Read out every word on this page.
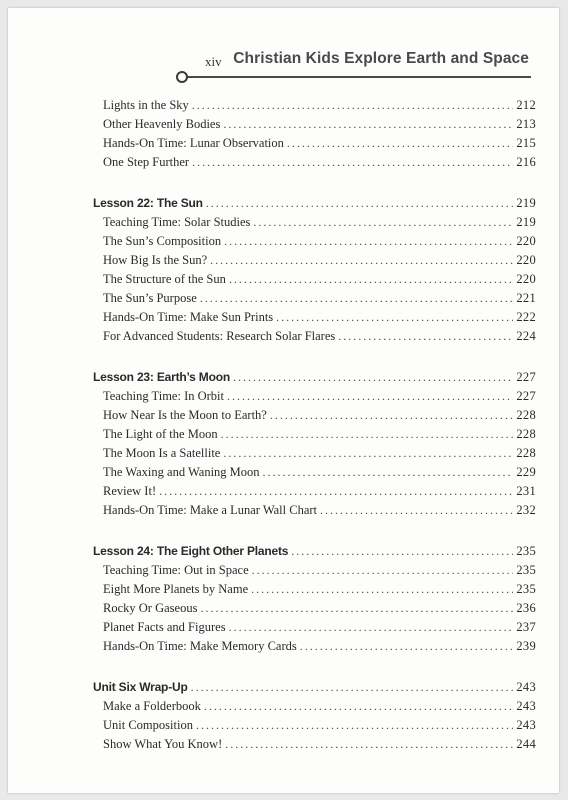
xiv Christian Kids Explore Earth and Space
Lights in the Sky . . .	212
Other Heavenly Bodies . . .	213
Hands-On Time: Lunar Observation . . .	215
One Step Further . . .	216
Lesson 22: The Sun . . .	219
Teaching Time: Solar Studies . . .	219
The Sun’s Composition . . .	220
How Big Is the Sun? . . .	220
The Structure of the Sun . . .	220
The Sun’s Purpose . . .	221
Hands-On Time: Make Sun Prints . . .	222
For Advanced Students: Research Solar Flares . . .	224
Lesson 23: Earth’s Moon . . .	227
Teaching Time: In Orbit . . .	227
How Near Is the Moon to Earth? . . .	228
The Light of the Moon . . .	228
The Moon Is a Satellite . . .	228
The Waxing and Waning Moon . . .	229
Review It! . . .	231
Hands-On Time: Make a Lunar Wall Chart . . .	232
Lesson 24: The Eight Other Planets . . .	235
Teaching Time: Out in Space . . .	235
Eight More Planets by Name . . .	235
Rocky Or Gaseous . . .	236
Planet Facts and Figures . . .	237
Hands-On Time: Make Memory Cards . . .	239
Unit Six Wrap-Up . . .	243
Make a Folderbook . . .	243
Unit Composition . . .	243
Show What You Know! . . .	244
